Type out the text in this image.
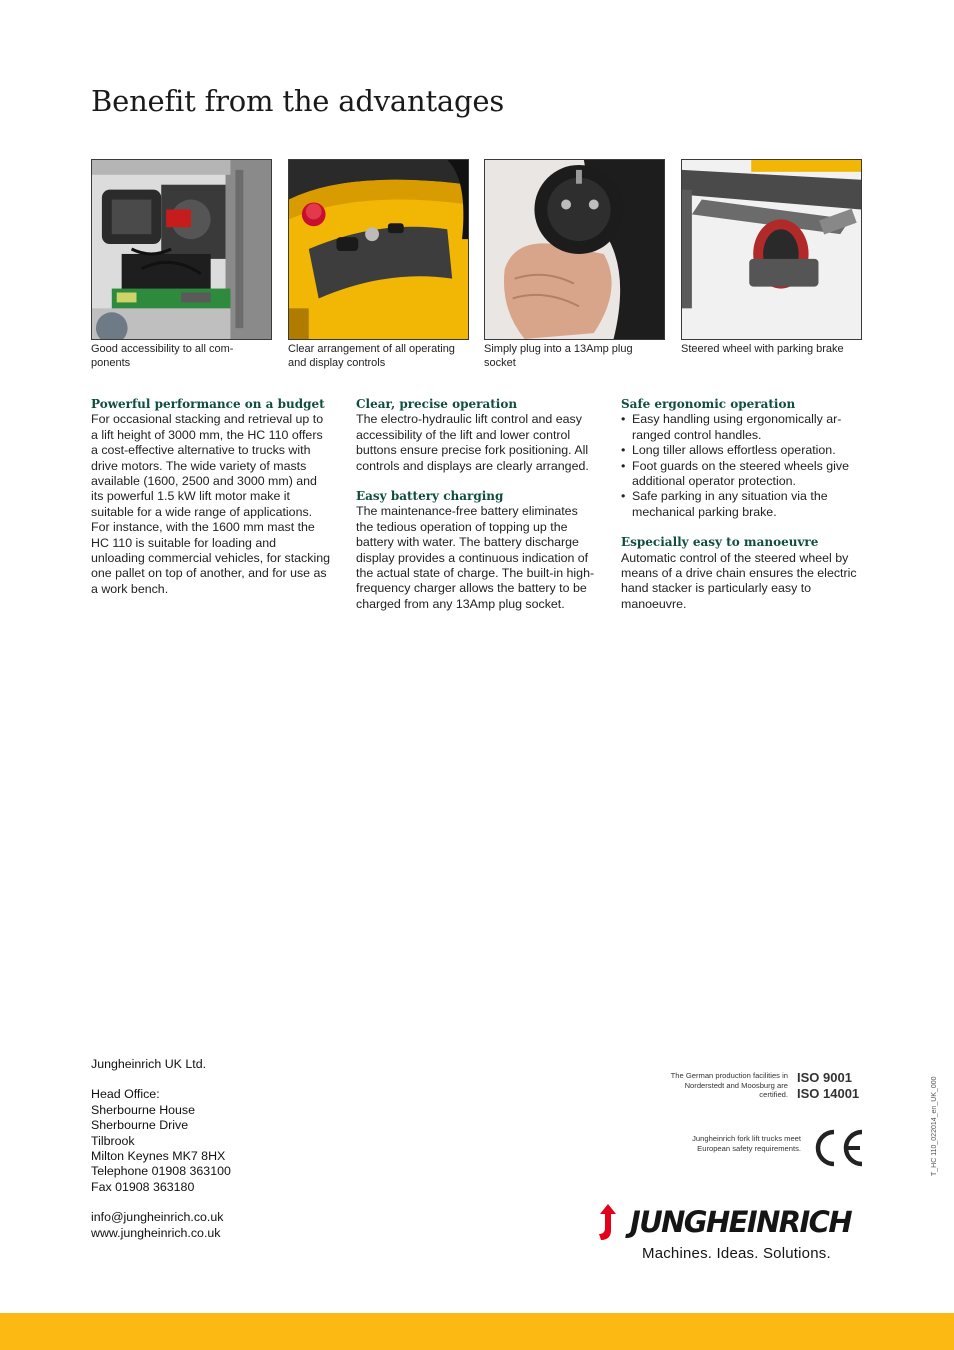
Benefit from the advantages
Good accessibility to all com-
ponents
Clear arrangement of all operating and display controls
Simply plug into a 13Amp plug socket
Steered wheel with parking brake
Powerful performance on a budget

For occasional stacking and retrieval up to a lift height of 3000 mm, the HC 110 offers a cost-effective alternative to trucks with drive motors. The wide variety of masts available (1600, 2500 and 3000 mm) and its powerful 1.5 kW lift motor make it suitable for a wide range of applications. For instance, with the 1600 mm mast the HC 110 is suitable for loading and unloading commercial vehicles, for stacking one pallet on top of another, and for use as a work bench.

Clear, precise operation

The electro-hydraulic lift control and easy accessibility of the lift and lower control buttons ensure precise fork positioning. All controls and displays are clearly arranged.

Easy battery charging

The maintenance-free battery eliminates the tedious operation of topping up the battery with water. The battery discharge display provides a continuous indication of the actual state of charge. The built-in high-frequency charger allows the battery to be charged from any 13Amp plug socket.

Safe ergonomic operation
• Easy handling using ergonomically ar-ranged control handles.
• Long tiller allows effortless operation.
• Foot guards on the steered wheels give additional operator protection.
• Safe parking in any situation via the mechanical parking brake.
Especially easy to manoeuvre

Automatic control of the steered wheel by means of a drive chain ensures the electric hand stacker is particularly easy to manoeuvre.

Jungheinrich UK Ltd.
Head Office:
Sherbourne House
Sherbourne Drive
Tilbrook
Milton Keynes MK7 8HX
Telephone 01908 363100
Fax 01908 363180
info@jungheinrich.co.uk
www.jungheinrich.co.uk
The German production facilities in Norderstedt and Moosburg are certified.
ISO 9001
ISO 14001
Jungheinrich fork lift trucks meet European safety requirements.
JUNGHEINRICH
Machines. Ideas. Solutions.
T_HC 110_022014_en_UK_000
